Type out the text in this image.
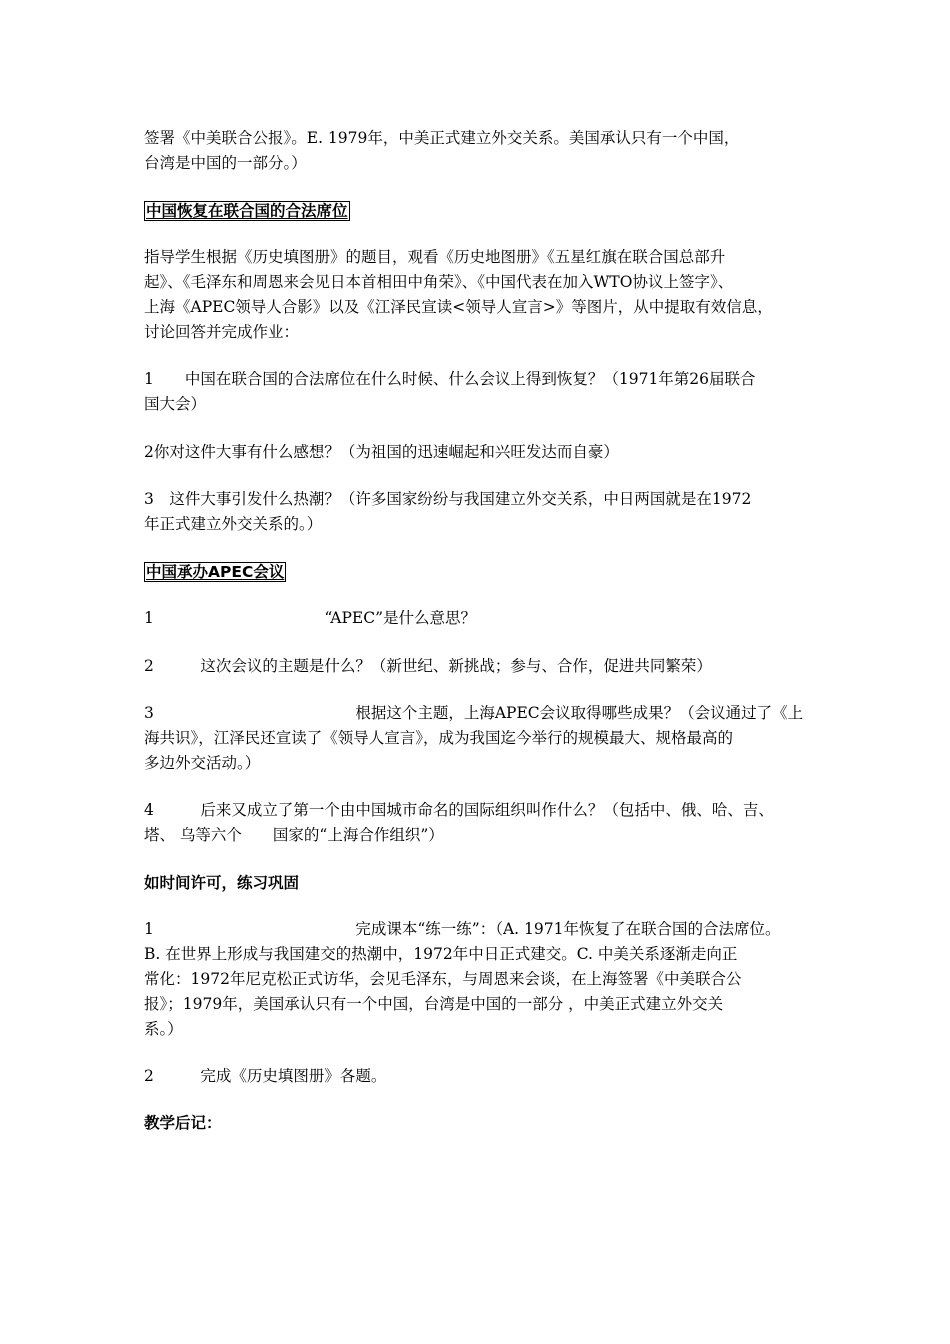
签署《中美联合公报》。E. 1979年，中美正式建立外交关系。美国承认只有一个中国，
台湾是中国的一部分。）
中国恢复在联合国的合法席位
指导学生根据《历史填图册》的题目，观看《历史地图册》《五星红旗在联合国总部升
起》、《毛泽东和周恩来会见日本首相田中角荣》、《中国代表在加入WTO协议上签字》、
上海《APEC领导人合影》以及《江泽民宣读<领导人宣言>》等图片，从中提取有效信息，
讨论回答并完成作业：
1　　中国在联合国的合法席位在什么时候、什么会议上得到恢复？（1971年第26届联合
国大会）
2你对这件大事有什么感想？（为祖国的迅速崛起和兴旺发达而自豪）
3　这件大事引发什么热潮？（许多国家纷纷与我国建立外交关系，中日两国就是在1972
年正式建立外交关系的。）
中国承办APEC会议
1　　　　　　　　　　　“APEC”是什么意思？
2　　　这次会议的主题是什么？（新世纪、新挑战；参与、合作，促进共同繁荣）
3　　　　　　　　　　　　　根据这个主题，上海APEC会议取得哪些成果？（会议通过了《上
海共识》，江泽民还宣读了《领导人宣言》，成为我国迄今举行的规模最大、规格最高的
多边外交活动。）
4　　　后来又成立了第一个由中国城市命名的国际组织叫作什么？（包括中、俄、哈、吉、
塔、 乌等六个　　国家的“上海合作组织”）
如时间许可，练习巩固
1　　　　　　　　　　　　　完成课本“练一练”：（A. 1971年恢复了在联合国的合法席位。
B. 在世界上形成与我国建交的热潮中，1972年中日正式建交。C. 中美关系逐渐走向正
常化：1972年尼克松正式访华，会见毛泽东，与周恩来会谈，在上海签署《中美联合公
报》；1979年，美国承认只有一个中国，台湾是中国的一部分 ，中美正式建立外交关
系。）
2　　　完成《历史填图册》各题。
教学后记：
